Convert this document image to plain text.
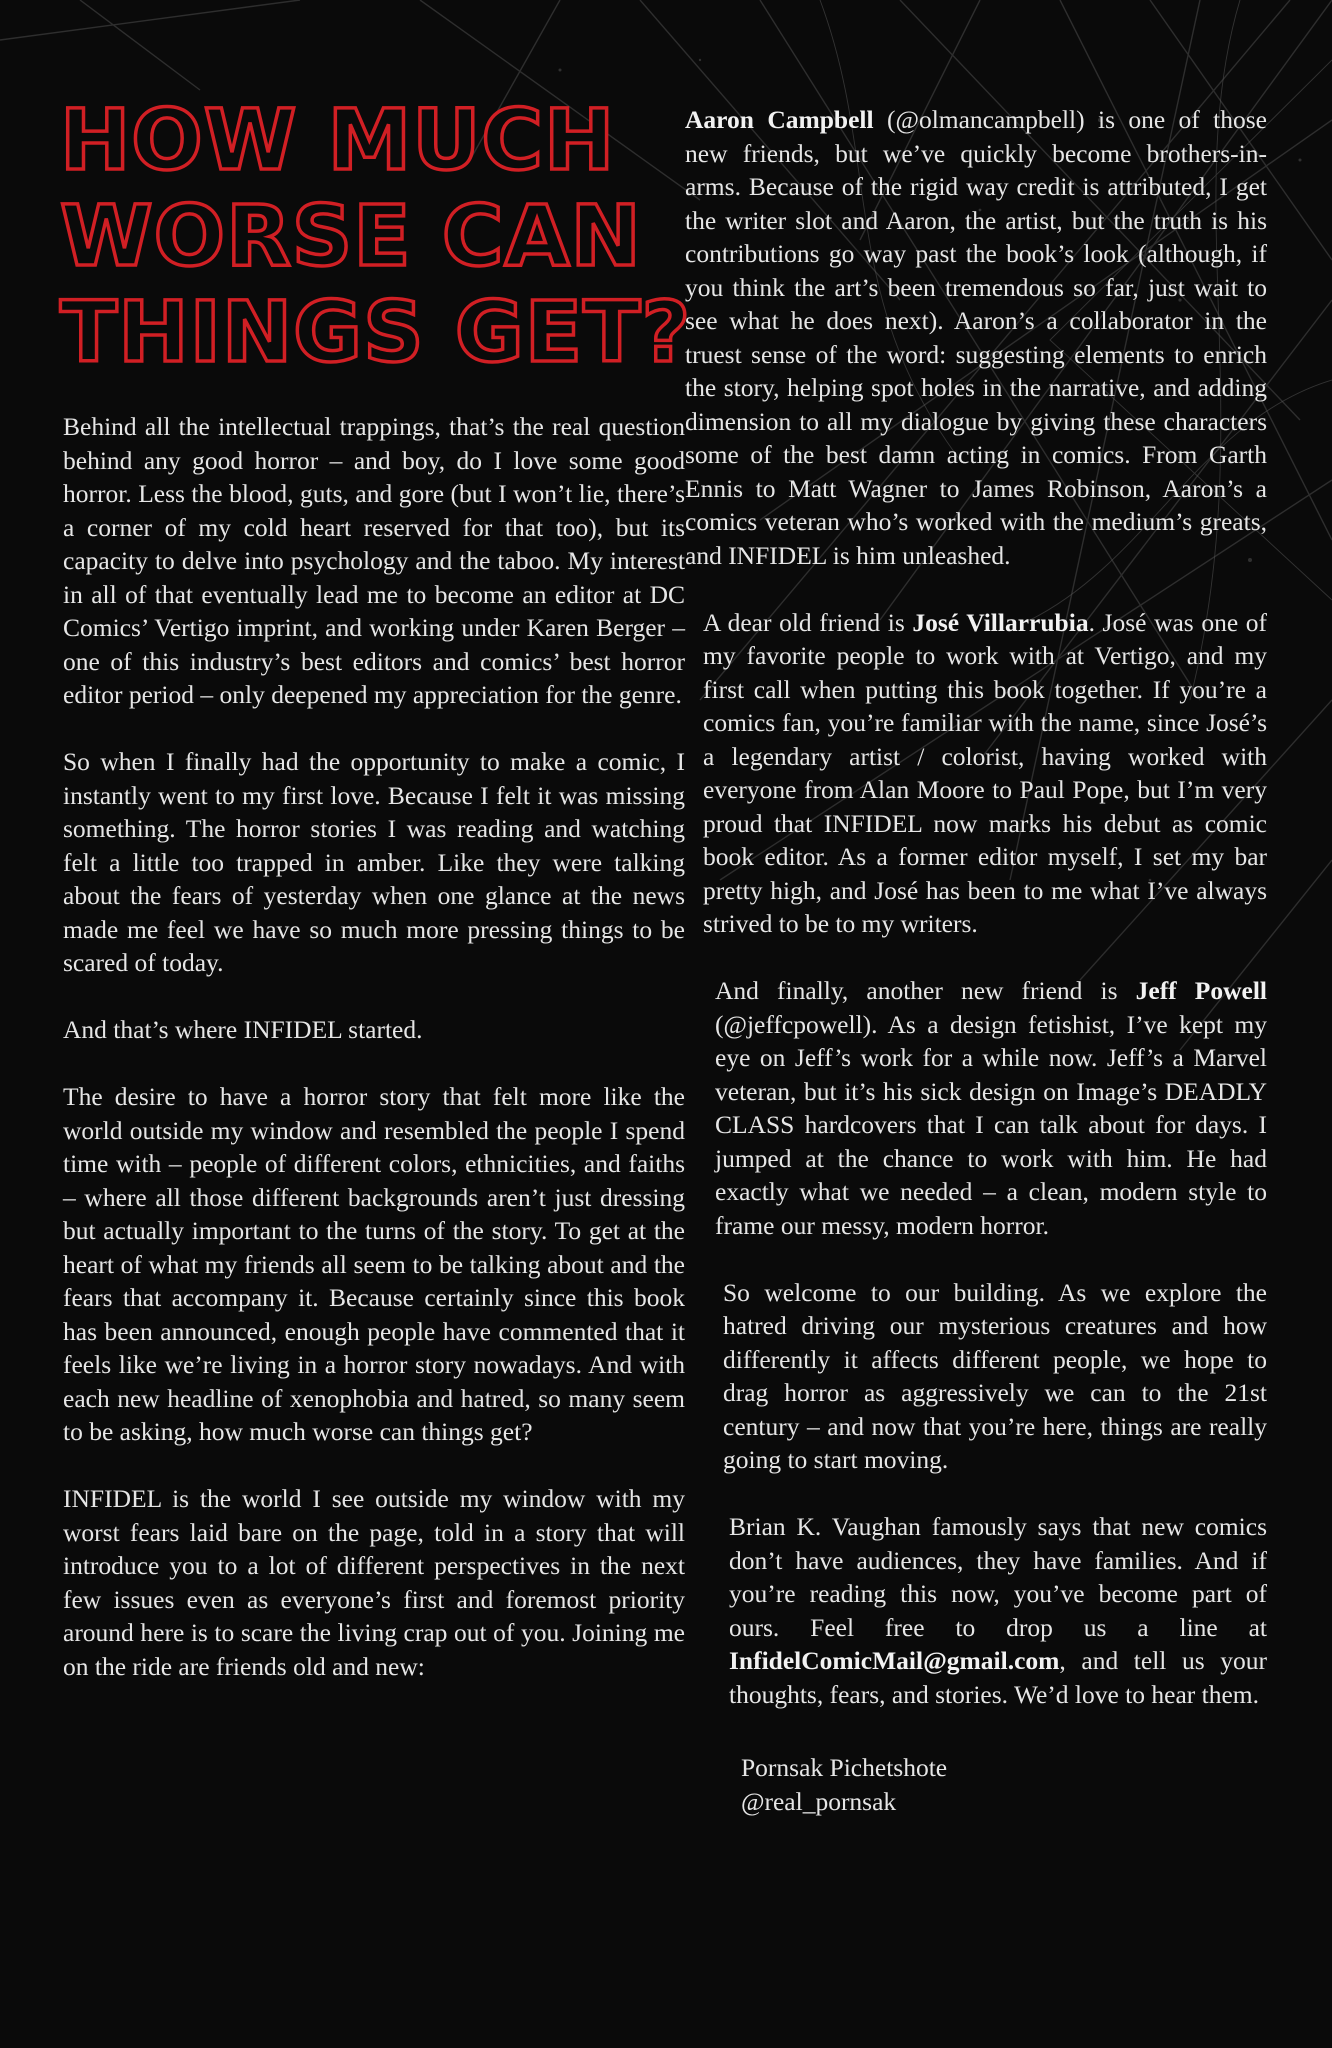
HOW MUCH
WORSE CAN
THINGS GET?

Behind all the intellectual trappings, that’s the real question behind any good horror – and boy, do I love some good horror. Less the blood, guts, and gore (but I won’t lie, there’s a corner of my cold heart reserved for that too), but its capacity to delve into psychology and the taboo. My interest in all of that eventually lead me to become an editor at DC Comics’ Vertigo imprint, and working under Karen Berger – one of this industry’s best editors and comics’ best horror editor period – only deepened my appreciation for the genre.

So when I finally had the opportunity to make a comic, I instantly went to my first love. Because I felt it was missing something. The horror stories I was reading and watching felt a little too trapped in amber. Like they were talking about the fears of yesterday when one glance at the news made me feel we have so much more pressing things to be scared of today.

And that’s where INFIDEL started.

The desire to have a horror story that felt more like the world outside my window and resembled the people I spend time with – people of different colors, ethnicities, and faiths – where all those different backgrounds aren’t just dressing but actually important to the turns of the story. To get at the heart of what my friends all seem to be talking about and the fears that accompany it. Because certainly since this book has been announced, enough people have commented that it feels like we’re living in a horror story nowadays. And with each new headline of xenophobia and hatred, so many seem to be asking, how much worse can things get?

INFIDEL is the world I see outside my window with my worst fears laid bare on the page, told in a story that will introduce you to a lot of different perspectives in the next few issues even as everyone’s first and foremost priority around here is to scare the living crap out of you. Joining me on the ride are friends old and new:

Aaron Campbell (@olmancampbell) is one of those new friends, but we’ve quickly become brothers-in-arms. Because of the rigid way credit is attributed, I get the writer slot and Aaron, the artist, but the truth is his contributions go way past the book’s look (although, if you think the art’s been tremendous so far, just wait to see what he does next). Aaron’s a collaborator in the truest sense of the word: suggesting elements to enrich the story, helping spot holes in the narrative, and adding dimension to all my dialogue by giving these characters some of the best damn acting in comics. From Garth Ennis to Matt Wagner to James Robinson, Aaron’s a comics veteran who’s worked with the medium’s greats, and INFIDEL is him unleashed.

A dear old friend is José Villarrubia. José was one of my favorite people to work with at Vertigo, and my first call when putting this book together. If you’re a comics fan, you’re familiar with the name, since José’s a legendary artist / colorist, having worked with everyone from Alan Moore to Paul Pope, but I’m very proud that INFIDEL now marks his debut as comic book editor. As a former editor myself, I set my bar pretty high, and José has been to me what I’ve always strived to be to my writers.

And finally, another new friend is Jeff Powell (@jeffcpowell). As a design fetishist, I’ve kept my eye on Jeff’s work for a while now. Jeff’s a Marvel veteran, but it’s his sick design on Image’s DEADLY CLASS hardcovers that I can talk about for days. I jumped at the chance to work with him. He had exactly what we needed – a clean, modern style to frame our messy, modern horror.

So welcome to our building. As we explore the hatred driving our mysterious creatures and how differently it affects different people, we hope to drag horror as aggressively we can to the 21st century – and now that you’re here, things are really going to start moving.

Brian K. Vaughan famously says that new comics don’t have audiences, they have families. And if you’re reading this now, you’ve become part of ours. Feel free to drop us a line at InfidelComicMail@gmail.com, and tell us your thoughts, fears, and stories. We’d love to hear them.

Pornsak Pichetshote
@real_pornsak
